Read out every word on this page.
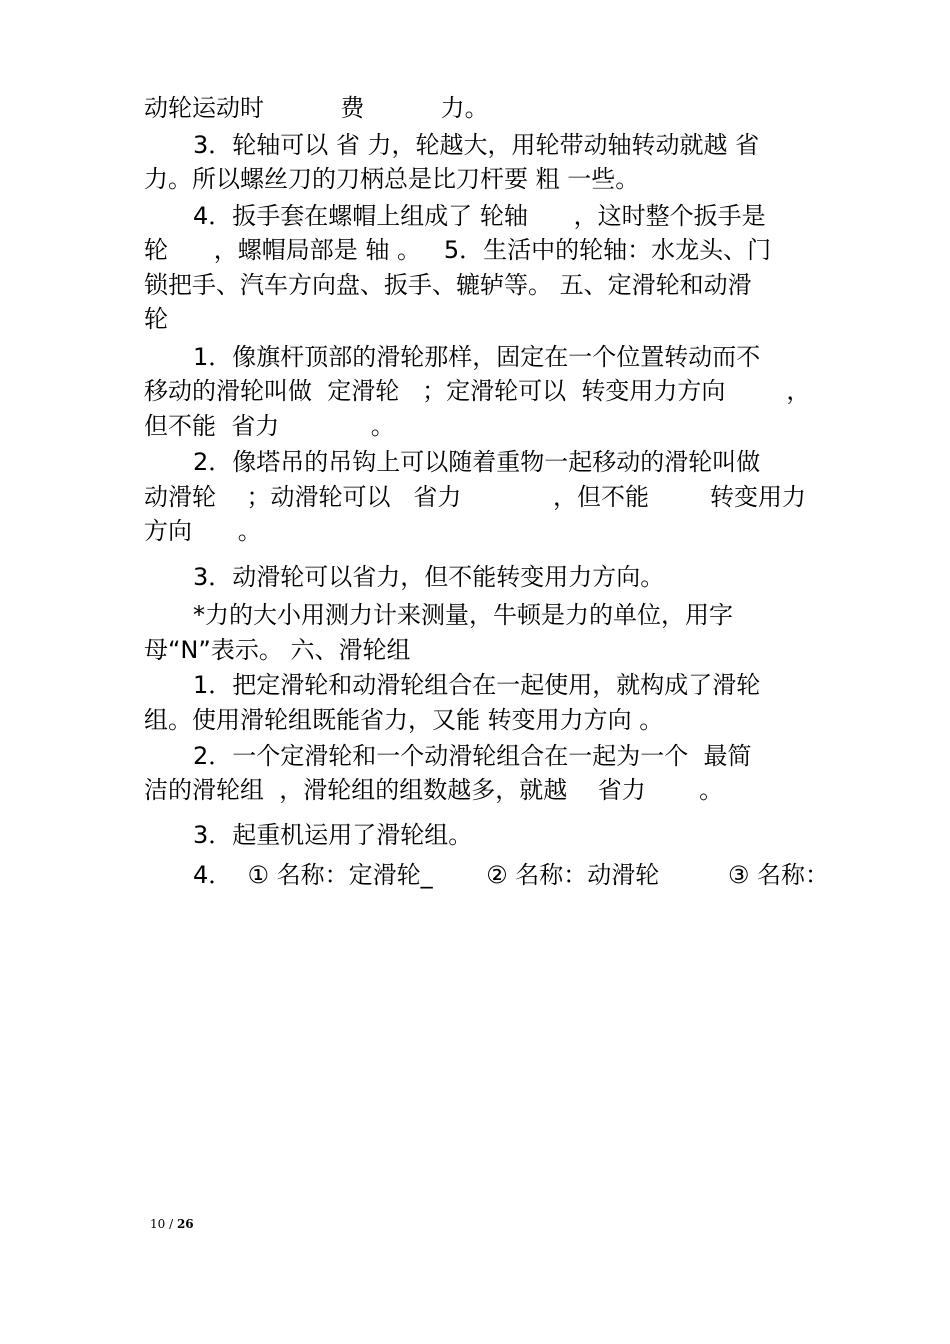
动轮运动时          费          力。
3．轮轴可以 省 力，轮越大，用轮带动轴转动就越 省
力。所以螺丝刀的刀柄总是比刀杆要 粗 一些。
4．扳手套在螺帽上组成了 轮轴      ，这时整个扳手是
轮      ，螺帽局部是 轴 。   5．生活中的轮轴：水龙头、门
锁把手、汽车方向盘、扳手、辘轳等。 五、定滑轮和动滑
轮
1．像旗杆顶部的滑轮那样，固定在一个位置转动而不
移动的滑轮叫做  定滑轮   ；定滑轮可以  转变用力方向        ，
但不能  省力            。
2．像塔吊的吊钩上可以随着重物一起移动的滑轮叫做
动滑轮    ；动滑轮可以   省力            ，但不能        转变用力
方向      。
3．动滑轮可以省力，但不能转变用力方向。
*力的大小用测力计来测量，牛顿是力的单位，用字
母“N”表示。 六、滑轮组
1．把定滑轮和动滑轮组合在一起使用，就构成了滑轮
组。使用滑轮组既能省力，又能 转变用力方向 。
2．一个定滑轮和一个动滑轮组合在一起为一个  最简
洁的滑轮组  ，滑轮组的组数越多，就越    省力       。
3．起重机运用了滑轮组。
4．  ① 名称：定滑轮_       ② 名称：动滑轮         ③ 名称：
10 / 26
